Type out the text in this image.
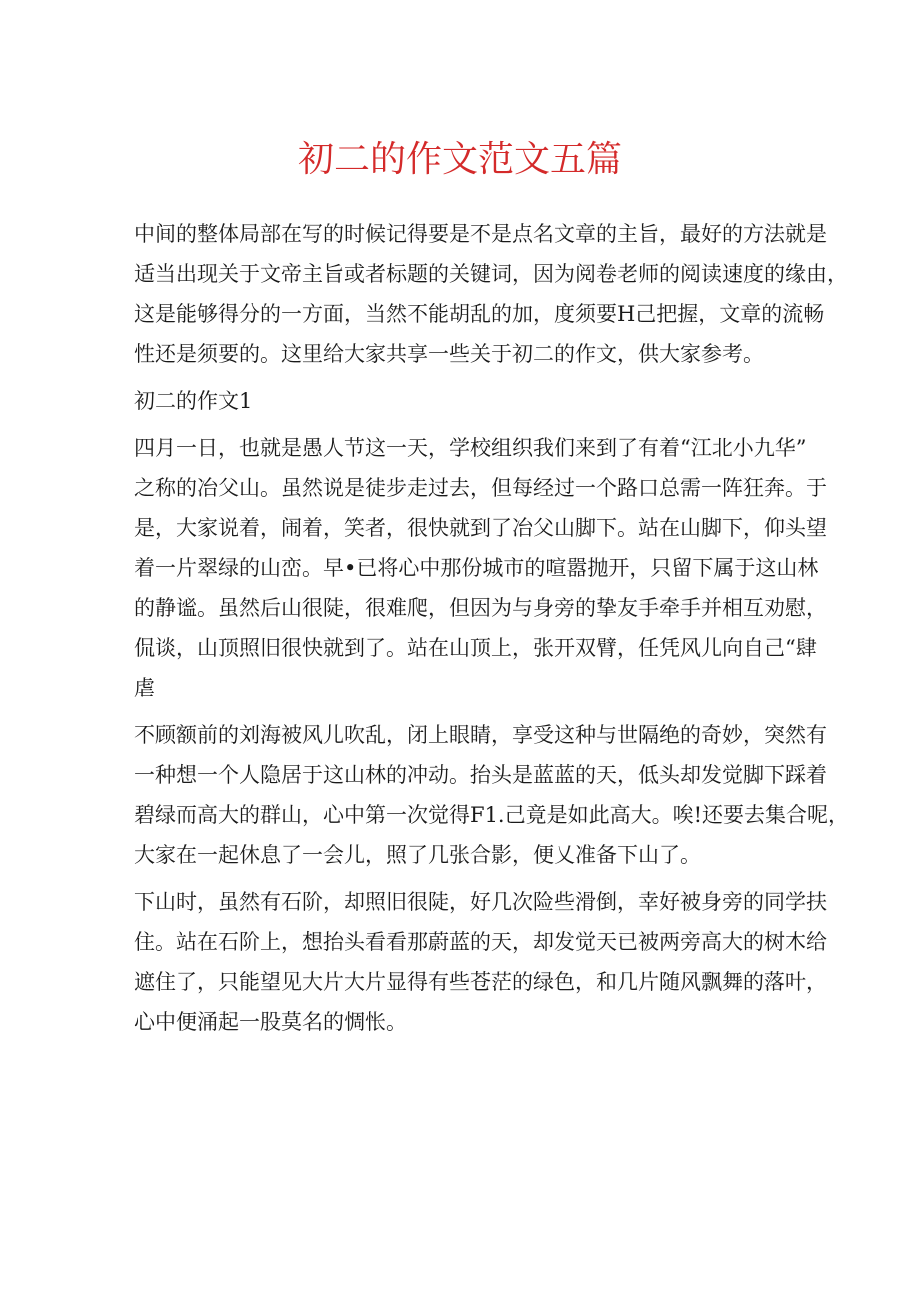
初二的作文范文五篇

中间的整体局部在写的时候记得要是不是点名文章的主旨，最好的方法就是
适当出现关于文帝主旨或者标题的关键词，因为阅卷老师的阅读速度的缘由，
这是能够得分的一方面，当然不能胡乱的加，度须要H己把握，文章的流畅
性还是须要的。这里给大家共享一些关于初二的作文，供大家参考。

初二的作文1

四月一日，也就是愚人节这一天，学校组织我们来到了有着“江北小九华”
之称的冶父山。虽然说是徒步走过去，但每经过一个路口总需一阵狂奔。于
是，大家说着，闹着，笑者，很快就到了冶父山脚下。站在山脚下，仰头望
着一片翠绿的山峦。早•已将心中那份城市的喧嚣抛开，只留下属于这山林
的静谧。虽然后山很陡，很难爬，但因为与身旁的挚友手牵手并相互劝慰，
侃谈，山顶照旧很快就到了。站在山顶上，张开双臂，任凭风儿向自己“肆
虐

不顾额前的刘海被风儿吹乱，闭上眼睛，享受这种与世隔绝的奇妙，突然有
一种想一个人隐居于这山林的冲动。抬头是蓝蓝的天，低头却发觉脚下踩着
碧绿而高大的群山，心中第一次觉得F1.己竟是如此高大。唉!还要去集合呢，
大家在一起休息了一会儿，照了几张合影，便乂准备下山了。

下山时，虽然有石阶，却照旧很陡，好几次险些滑倒，幸好被身旁的同学扶
住。站在石阶上，想抬头看看那蔚蓝的天，却发觉天已被两旁高大的树木给
遮住了，只能望见大片大片显得有些苍茫的绿色，和几片随风飘舞的落叶，
心中便涌起一股莫名的惆怅。
